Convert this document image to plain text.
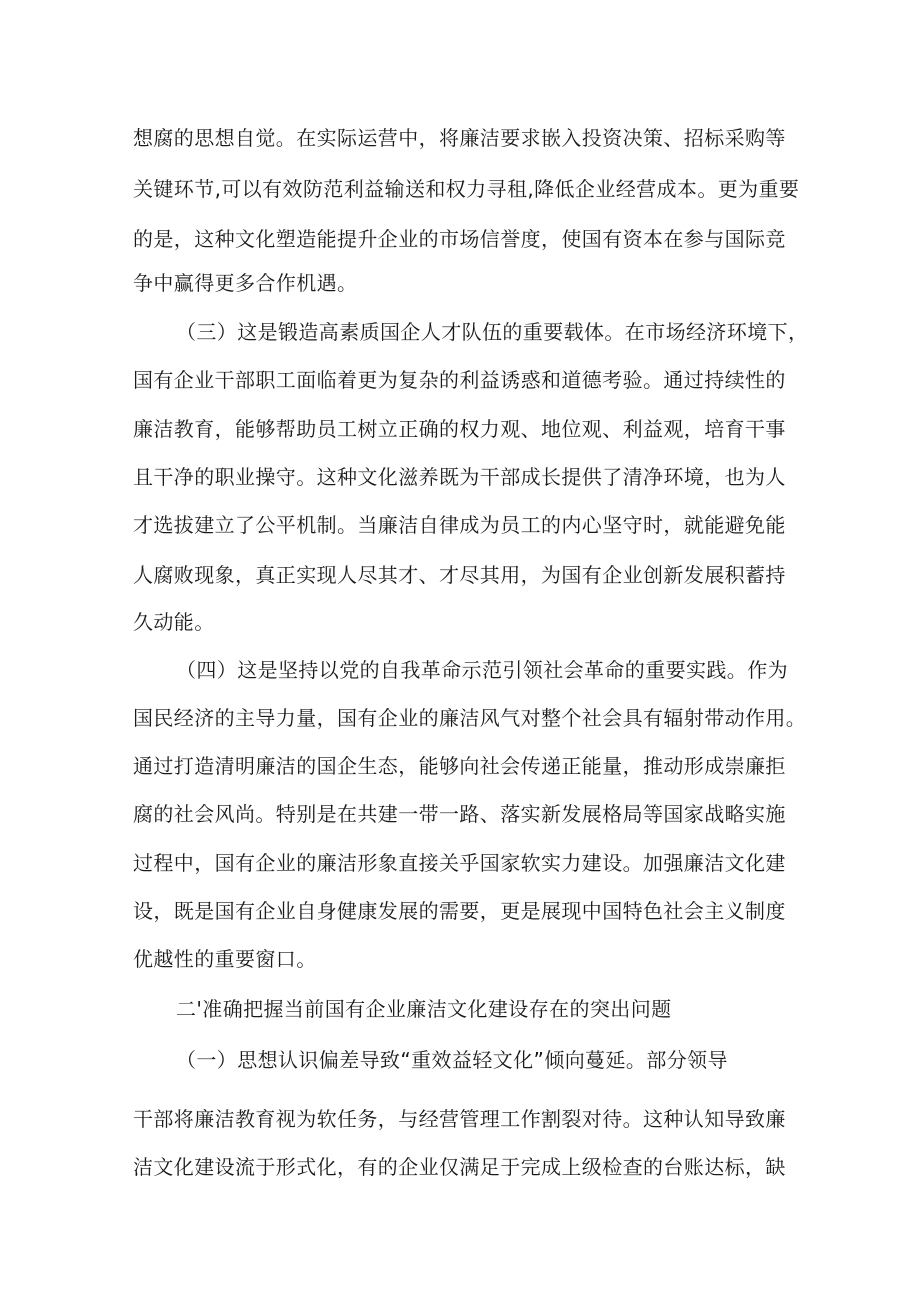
想腐的思想自觉。在实际运营中，将廉洁要求嵌入投资决策、招标采购等
关键环节,可以有效防范利益输送和权力寻租,降低企业经营成本。更为重要
的是，这种文化塑造能提升企业的市场信誉度，使国有资本在参与国际竞
争中赢得更多合作机遇。
（三）这是锻造高素质国企人才队伍的重要载体。在市场经济环境下，
国有企业干部职工面临着更为复杂的利益诱惑和道德考验。通过持续性的
廉洁教育，能够帮助员工树立正确的权力观、地位观、利益观，培育干事
且干净的职业操守。这种文化滋养既为干部成长提供了清净环境，也为人
才选拔建立了公平机制。当廉洁自律成为员工的内心坚守时，就能避免能
人腐败现象，真正实现人尽其才、才尽其用，为国有企业创新发展积蓄持
久动能。
（四）这是坚持以党的自我革命示范引领社会革命的重要实践。作为
国民经济的主导力量，国有企业的廉洁风气对整个社会具有辐射带动作用。
通过打造清明廉洁的国企生态，能够向社会传递正能量，推动形成崇廉拒
腐的社会风尚。特别是在共建一带一路、落实新发展格局等国家战略实施
过程中，国有企业的廉洁形象直接关乎国家软实力建设。加强廉洁文化建
设，既是国有企业自身健康发展的需要，更是展现中国特色社会主义制度
优越性的重要窗口。
二'准确把握当前国有企业廉洁文化建设存在的突出问题
（一）思想认识偏差导致“重效益轻文化”倾向蔓延。部分领导
干部将廉洁教育视为软任务，与经营管理工作割裂对待。这种认知导致廉
洁文化建设流于形式化，有的企业仅满足于完成上级检查的台账达标，缺
